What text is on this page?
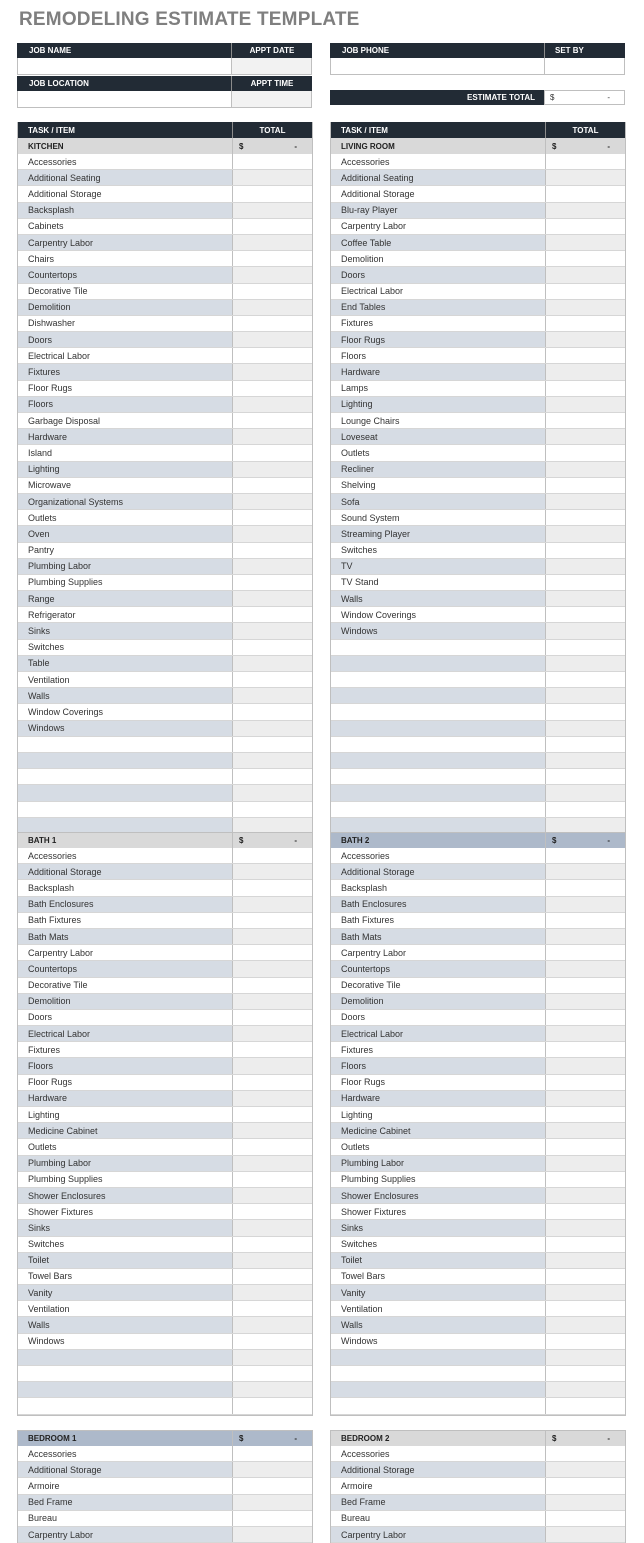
REMODELING ESTIMATE TEMPLATE
JOB NAME	APPT DATE
JOB LOCATION	APPT TIME
JOB PHONE	SET BY
ESTIMATE TOTAL	$	-
TASK / ITEM	TOTAL
KITCHEN	$	-
Accessories
Additional Seating
Additional Storage
Backsplash
Cabinets
Carpentry Labor
Chairs
Countertops
Decorative Tile
Demolition
Dishwasher
Doors
Electrical Labor
Fixtures
Floor Rugs
Floors
Garbage Disposal
Hardware
Island
Lighting
Microwave
Organizational Systems
Outlets
Oven
Pantry
Plumbing Labor
Plumbing Supplies
Range
Refrigerator
Sinks
Switches
Table
Ventilation
Walls
Window Coverings
Windows
TASK / ITEM	TOTAL
LIVING ROOM	$	-
Accessories
Additional Seating
Additional Storage
Blu-ray Player
Carpentry Labor
Coffee Table
Demolition
Doors
Electrical Labor
End Tables
Fixtures
Floor Rugs
Floors
Hardware
Lamps
Lighting
Lounge Chairs
Loveseat
Outlets
Recliner
Shelving
Sofa
Sound System
Streaming Player
Switches
TV
TV Stand
Walls
Window Coverings
Windows
BATH 1	$	-
Accessories
Additional Storage
Backsplash
Bath Enclosures
Bath Fixtures
Bath Mats
Carpentry Labor
Countertops
Decorative Tile
Demolition
Doors
Electrical Labor
Fixtures
Floors
Floor Rugs
Hardware
Lighting
Medicine Cabinet
Outlets
Plumbing Labor
Plumbing Supplies
Shower Enclosures
Shower Fixtures
Sinks
Switches
Toilet
Towel Bars
Vanity
Ventilation
Walls
Windows
BATH 2	$	-
Accessories
Additional Storage
Backsplash
Bath Enclosures
Bath Fixtures
Bath Mats
Carpentry Labor
Countertops
Decorative Tile
Demolition
Doors
Electrical Labor
Fixtures
Floors
Floor Rugs
Hardware
Lighting
Medicine Cabinet
Outlets
Plumbing Labor
Plumbing Supplies
Shower Enclosures
Shower Fixtures
Sinks
Switches
Toilet
Towel Bars
Vanity
Ventilation
Walls
Windows
BEDROOM 1	$	-
Accessories
Additional Storage
Armoire
Bed Frame
Bureau
Carpentry Labor
BEDROOM 2	$	-
Accessories
Additional Storage
Armoire
Bed Frame
Bureau
Carpentry Labor
